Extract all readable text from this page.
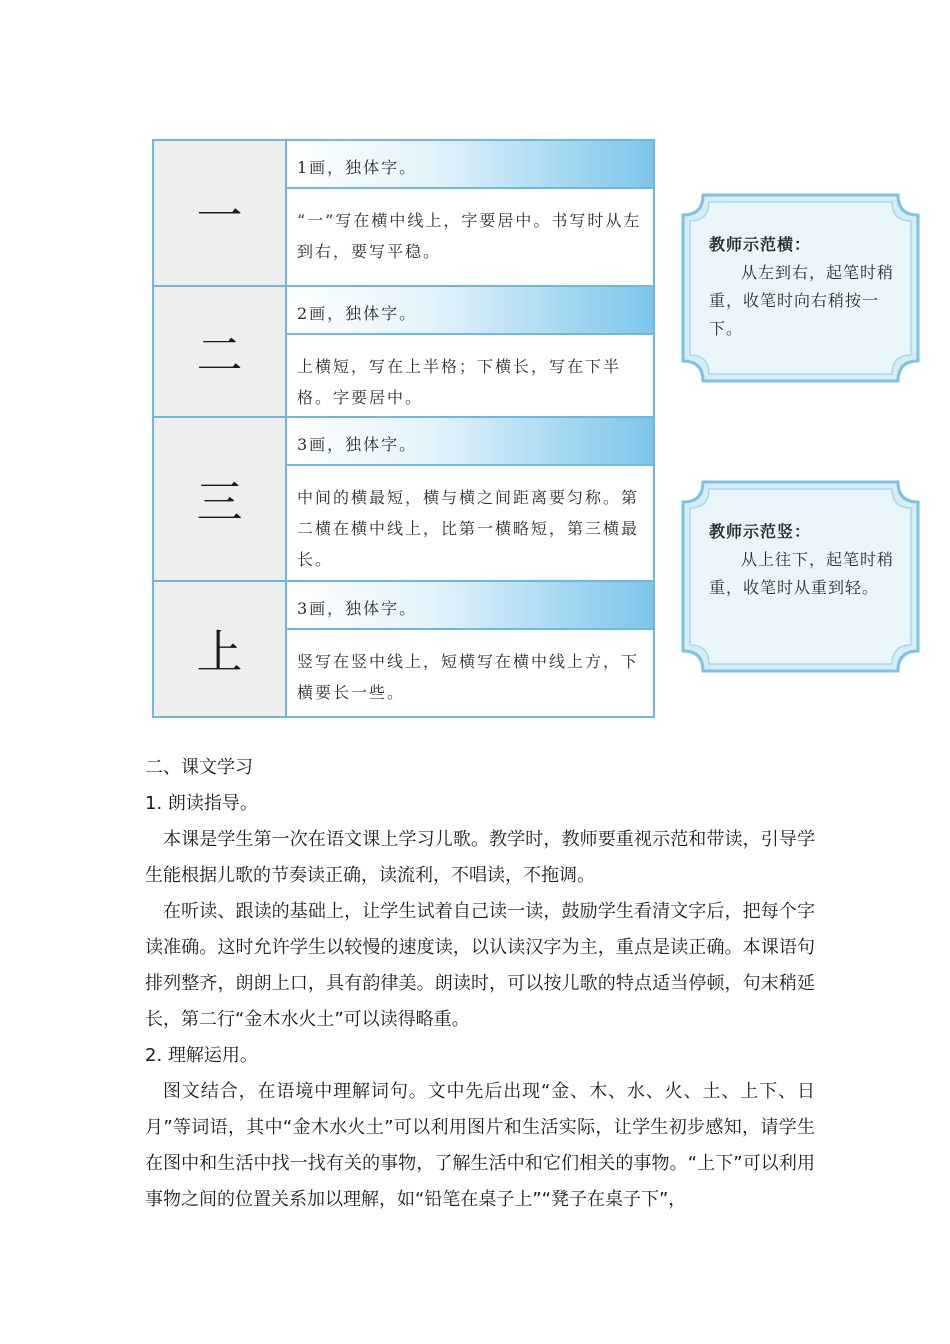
一
1画，独体字。
“一”写在横中线上，字要居中。书写时从左到右，要写平稳。
二
2画，独体字。
上横短，写在上半格；下横长，写在下半格。字要居中。
三
3画，独体字。
中间的横最短，横与横之间距离要匀称。第二横在横中线上，比第一横略短，第三横最长。
上
3画，独体字。
竖写在竖中线上，短横写在横中线上方，下横要长一些。
教师示范横：
从左到右，起笔时稍重，收笔时向右稍按一下。
教师示范竖：
从上往下，起笔时稍重，收笔时从重到轻。

二、课文学习

1. 朗读指导。

本课是学生第一次在语文课上学习儿歌。教学时，教师要重视示范和带读，引导学生能根据儿歌的节奏读正确，读流利，不唱读，不拖调。

在听读、跟读的基础上，让学生试着自己读一读，鼓励学生看清文字后，把每个字读准确。这时允许学生以较慢的速度读，以认读汉字为主，重点是读正确。本课语句排列整齐，朗朗上口，具有韵律美。朗读时，可以按儿歌的特点适当停顿，句末稍延长，第二行“金木水火土”可以读得略重。

2. 理解运用。

图文结合，在语境中理解词句。文中先后出现“金、木、水、火、土、上下、日月”等词语，其中“金木水火土”可以利用图片和生活实际，让学生初步感知，请学生在图中和生活中找一找有关的事物，了解生活中和它们相关的事物。“上下”可以利用事物之间的位置关系加以理解，如“铅笔在桌子上”“凳子在桌子下”，
